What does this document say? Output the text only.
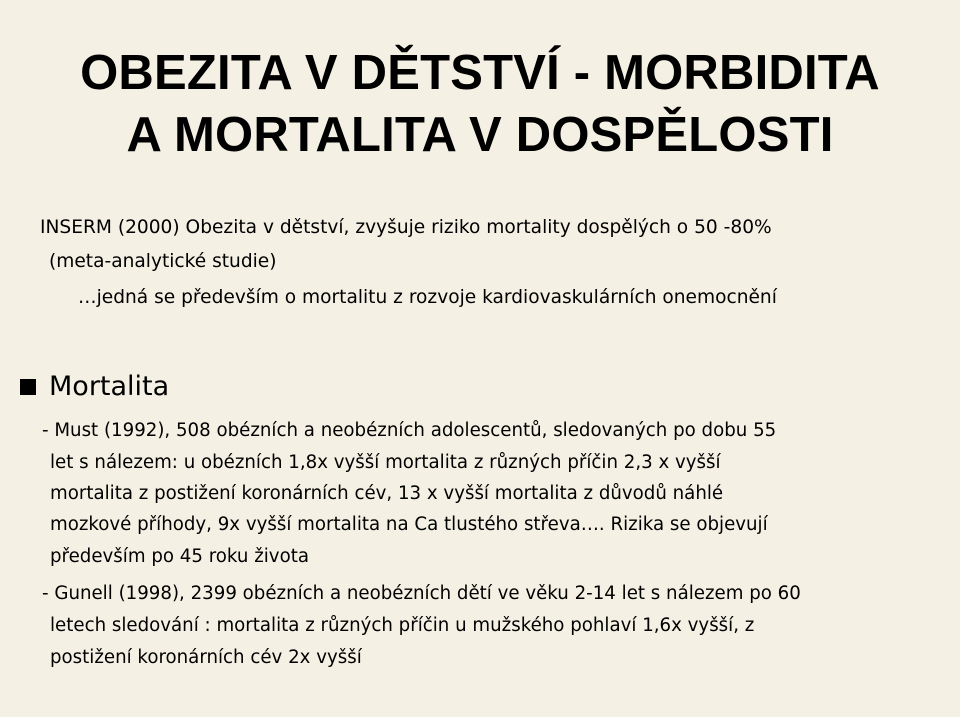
OBEZITA V DĚTSTVÍ - MORBIDITA
A MORTALITA V DOSPĚLOSTI

INSERM (2000) Obezita v dětství, zvyšuje riziko mortality dospělých o 50 -80%

(meta-analytické studie)

…jedná se především o mortalitu z rozvoje kardiovaskulárních onemocnění

Mortalita

- Must (1992), 508 obézních a neobézních adolescentů, sledovaných po dobu 55

let s nálezem: u obézních 1,8x vyšší mortalita z různých příčin 2,3 x vyšší

mortalita z postižení koronárních cév, 13 x vyšší mortalita z důvodů náhlé

mozkové příhody, 9x vyšší mortalita na Ca tlustého střeva…. Rizika se objevují

především po 45 roku života

- Gunell (1998), 2399 obézních a neobézních dětí ve věku 2-14 let s nálezem po 60

letech sledování : mortalita z různých příčin u mužského pohlaví 1,6x vyšší, z

postižení koronárních cév 2x vyšší
